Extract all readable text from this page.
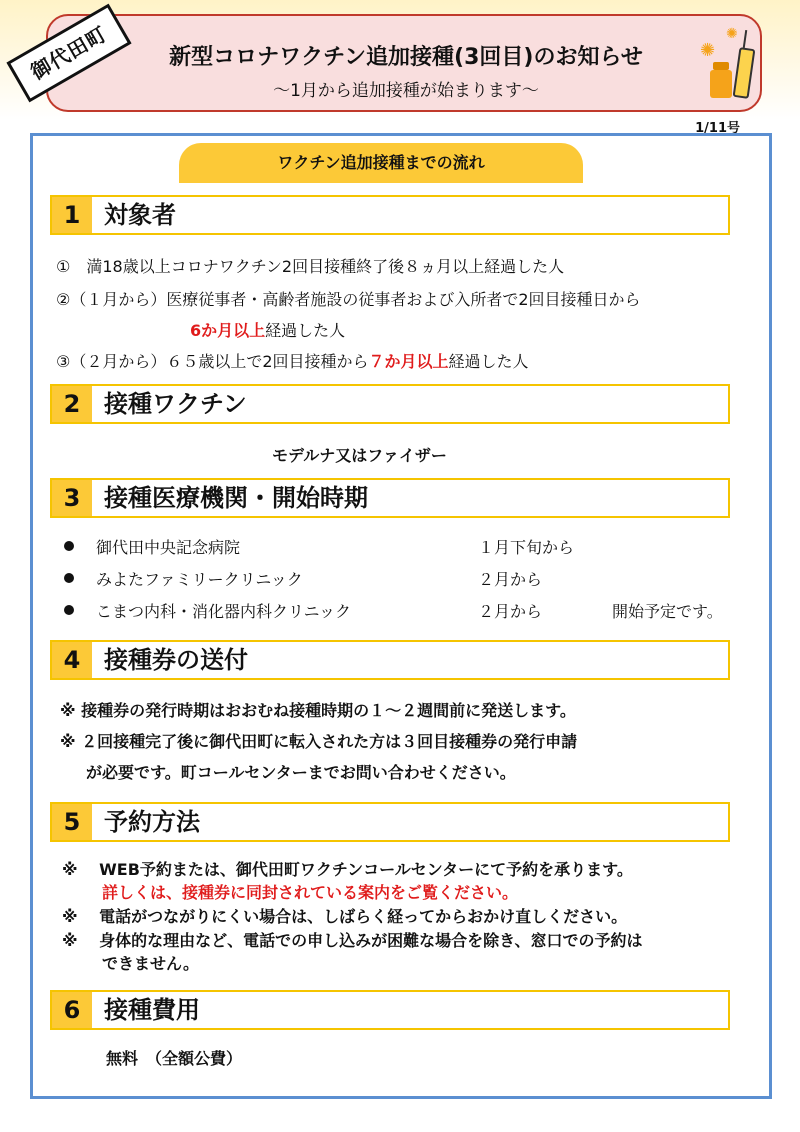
新型コロナワクチン追加接種(3回目)のお知らせ
～1月から追加接種が始まります～
御代田町	✺
✺
1/11号
ワクチン追加接種までの流れ
1 対象者
①　満18歳以上コロナワクチン2回目接種終了後８ヵ月以上経過した人
②（１月から）医療従事者・高齢者施設の従事者および入所者で2回目接種日から
6か月以上経過した人
③（２月から）６５歳以上で2回目接種から７か月以上経過した人
2 接種ワクチン
モデルナ又はファイザー
3 接種医療機関・開始時期
御代田中央記念病院	１月下旬から
みよたファミリークリニック	２月から
こまつ内科・消化器内科クリニック	２月から	開始予定です。
4 接種券の送付
※ 接種券の発行時期はおおむね接種時期の１～２週間前に発送します。
※ ２回接種完了後に御代田町に転入された方は３回目接種券の発行申請
が必要です。町コールセンターまでお問い合わせください。
5 予約方法
※　 WEB予約または、御代田町ワクチンコールセンターにて予約を承ります。
詳しくは、接種券に同封されている案内をご覧ください。
※　 電話がつながりにくい場合は、しばらく経ってからおかけ直しください。
※　 身体的な理由など、電話での申し込みが困難な場合を除き、窓口での予約は
できません。
6 接種費用
無料　（全額公費）
